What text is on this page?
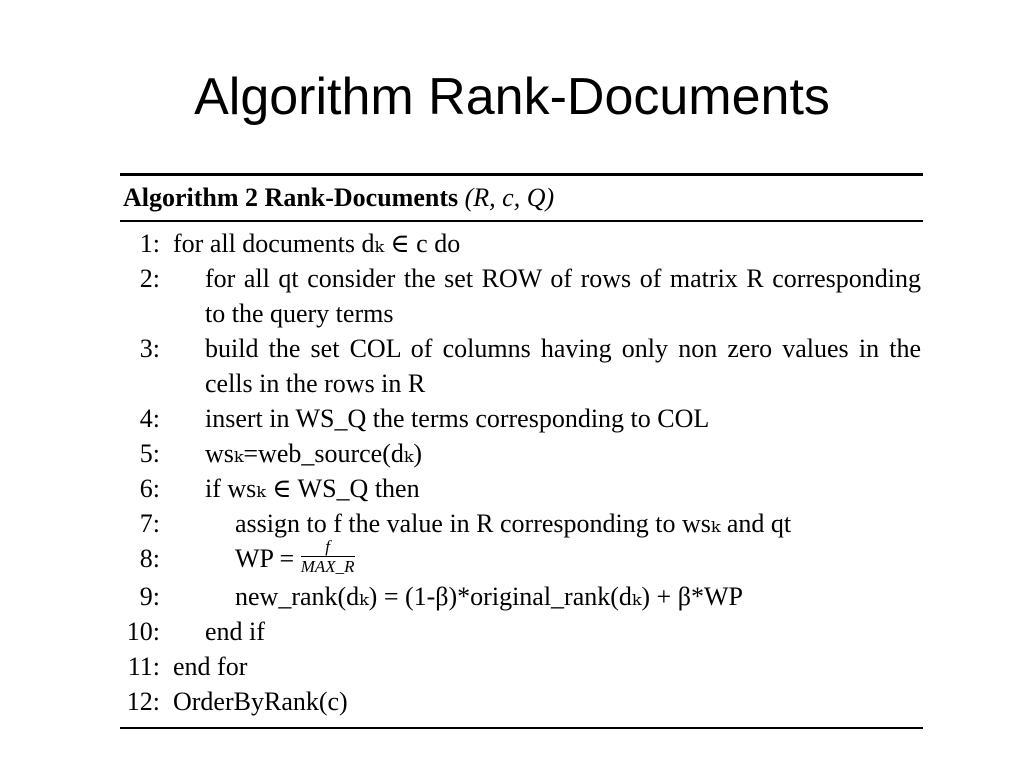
Algorithm Rank-Documents
Algorithm 2 Rank-Documents (R, c, Q)
1: for all documents dₖ ∈ c do
2: for all qt consider the set ROW of rows of matrix R corresponding to the query terms
3: build the set COL of columns having only non zero values in the cells in the rows in R
4: insert in WS_Q the terms corresponding to COL
5: wsₖ=web_source(dₖ)
6: if wsₖ ∈ WS_Q then
7:	assign to f the value in R corresponding to wsₖ and qt
8:	WP = $\frac{f}{\text{MAX\_R}}$
9:	new_rank(dₖ) = (1-β)*original_rank(dₖ) + β*WP
10: end if
11: end for
12: OrderByRank(c)
